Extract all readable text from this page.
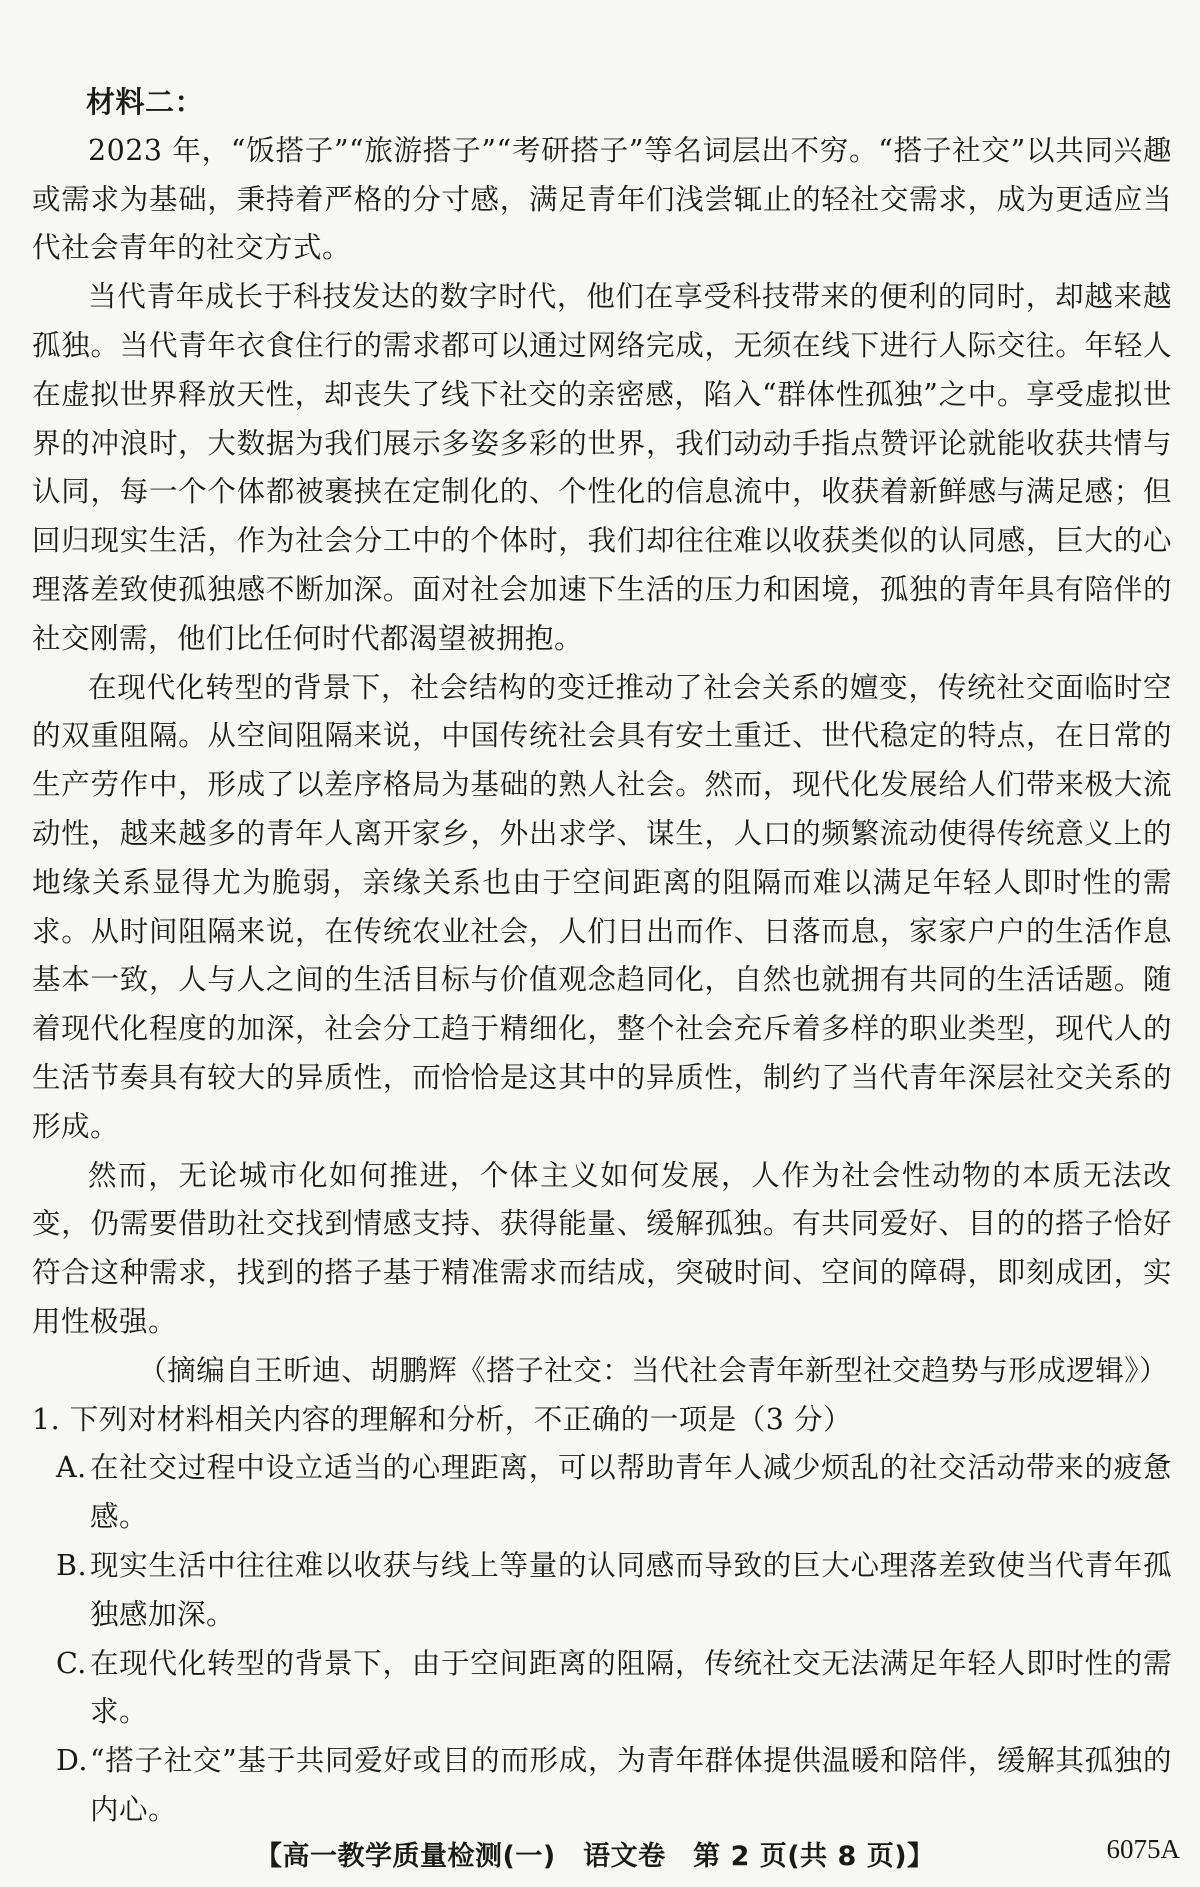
材料二：

2023 年，“饭搭子”“旅游搭子”“考研搭子”等名词层出不穷。“搭子社交”以共同兴趣或需求为基础，秉持着严格的分寸感，满足青年们浅尝辄止的轻社交需求，成为更适应当代社会青年的社交方式。

当代青年成长于科技发达的数字时代，他们在享受科技带来的便利的同时，却越来越孤独。当代青年衣食住行的需求都可以通过网络完成，无须在线下进行人际交往。年轻人在虚拟世界释放天性，却丧失了线下社交的亲密感，陷入“群体性孤独”之中。享受虚拟世界的冲浪时，大数据为我们展示多姿多彩的世界，我们动动手指点赞评论就能收获共情与认同，每一个个体都被裹挟在定制化的、个性化的信息流中，收获着新鲜感与满足感；但回归现实生活，作为社会分工中的个体时，我们却往往难以收获类似的认同感，巨大的心理落差致使孤独感不断加深。面对社会加速下生活的压力和困境，孤独的青年具有陪伴的社交刚需，他们比任何时代都渴望被拥抱。

在现代化转型的背景下，社会结构的变迁推动了社会关系的嬗变，传统社交面临时空的双重阻隔。从空间阻隔来说，中国传统社会具有安土重迁、世代稳定的特点，在日常的生产劳作中，形成了以差序格局为基础的熟人社会。然而，现代化发展给人们带来极大流动性，越来越多的青年人离开家乡，外出求学、谋生，人口的频繁流动使得传统意义上的地缘关系显得尤为脆弱，亲缘关系也由于空间距离的阻隔而难以满足年轻人即时性的需求。从时间阻隔来说，在传统农业社会，人们日出而作、日落而息，家家户户的生活作息基本一致，人与人之间的生活目标与价值观念趋同化，自然也就拥有共同的生活话题。随着现代化程度的加深，社会分工趋于精细化，整个社会充斥着多样的职业类型，现代人的生活节奏具有较大的异质性，而恰恰是这其中的异质性，制约了当代青年深层社交关系的形成。

然而，无论城市化如何推进，个体主义如何发展，人作为社会性动物的本质无法改变，仍需要借助社交找到情感支持、获得能量、缓解孤独。有共同爱好、目的的搭子恰好符合这种需求，找到的搭子基于精准需求而结成，突破时间、空间的障碍，即刻成团，实用性极强。

（摘编自王昕迪、胡鹏辉《搭子社交：当代社会青年新型社交趋势与形成逻辑》）

1. 下列对材料相关内容的理解和分析，不正确的一项是（3 分）

A. 在社交过程中设立适当的心理距离，可以帮助青年人减少烦乱的社交活动带来的疲惫感。
B. 现实生活中往往难以收获与线上等量的认同感而导致的巨大心理落差致使当代青年孤独感加深。
C. 在现代化转型的背景下，由于空间距离的阻隔，传统社交无法满足年轻人即时性的需求。
D. “搭子社交”基于共同爱好或目的而形成，为青年群体提供温暖和陪伴，缓解其孤独的内心。
【高一教学质量检测(一)　语文卷　第 2 页(共 8 页)】	6075A
